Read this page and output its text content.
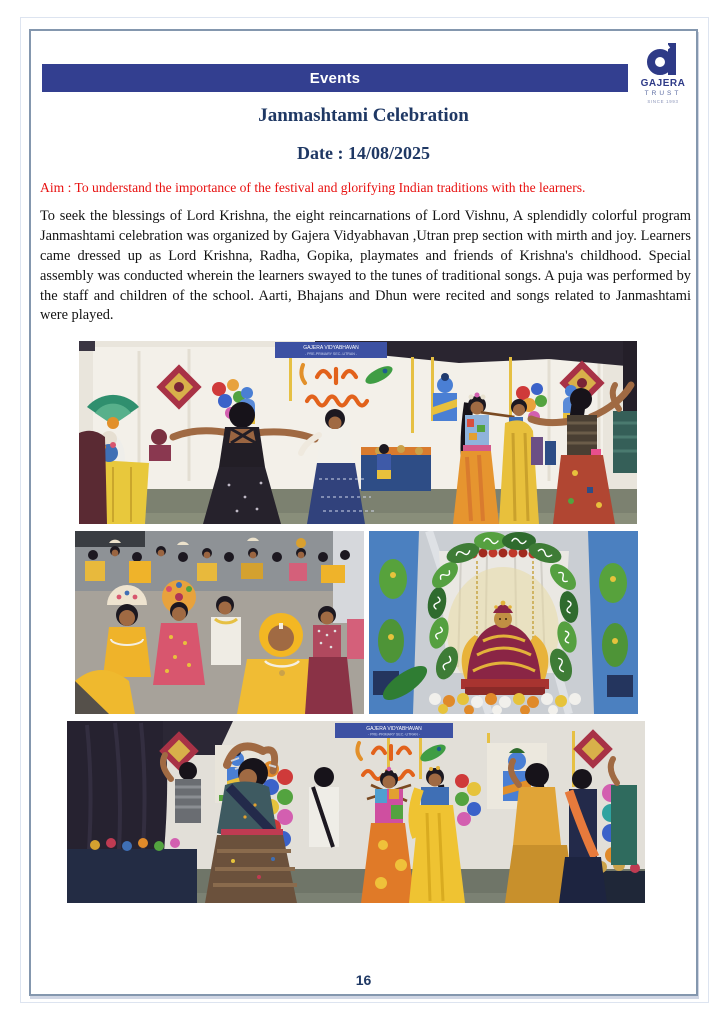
Events	GAJERA
TRUST
SINCE 1993
Janmashtami Celebration
Date : 14/08/2025
Aim : To understand the importance of the festival and glorifying Indian traditions with the learners.
To seek the blessings of Lord Krishna, the eight reincarnations of Lord Vishnu, A splendidly colorful program Janmashtami celebration was organized by Gajera Vidyabhavan ,Utran prep section with mirth and joy. Learners came dressed up as Lord Krishna, Radha, Gopika, playmates and friends of Krishna's childhood. Special assembly was conducted wherein the learners swayed to the tunes of traditional songs. A puja was performed by the staff and children of the school. Aarti, Bhajans and Dhun were recited and songs related to Janmashtami were played.
GAJERA VIDYABHAVAN
- PRE-PRIMARY SEC.-UTRAN -
GAJERA VIDYABHAVAN
- PRE-PRIMARY SEC.-UTRAN -
16
